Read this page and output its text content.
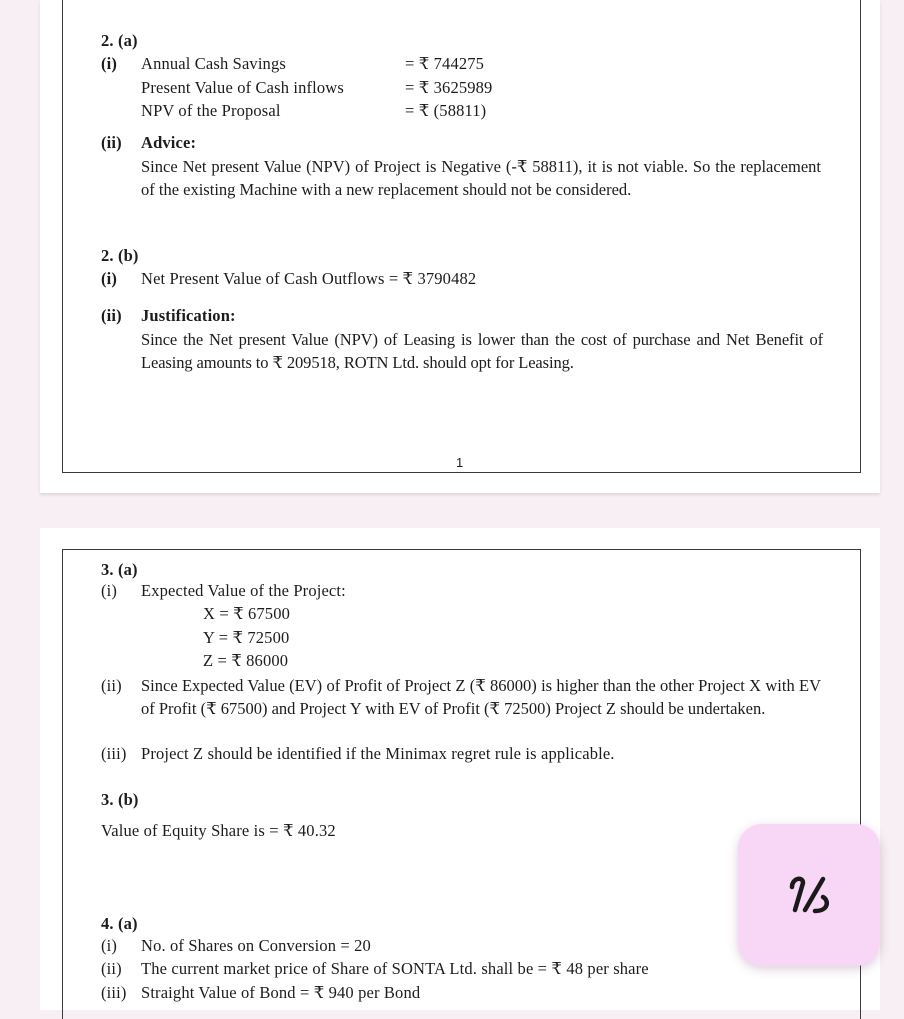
2. (a)
(i) Annual Cash Savings	= ₹ 744275
Present Value of Cash inflows	= ₹ 3625989
NPV of the Proposal	= ₹ (58811)
(ii) Advice:
Since Net present Value (NPV) of Project is Negative (-₹ 58811), it is not viable. So the replacement of the existing Machine with a new replacement should not be considered.
2. (b)
(i) Net Present Value of Cash Outflows = ₹ 3790482
(ii) Justification:
Since the Net present Value (NPV) of Leasing is lower than the cost of purchase and Net Benefit of Leasing amounts to ₹ 209518, ROTN Ltd. should opt for Leasing.
1
3. (a)
(i) Expected Value of the Project:
X = ₹ 67500
Y = ₹ 72500
Z = ₹ 86000
(ii) Since Expected Value (EV) of Profit of Project Z (₹ 86000) is higher than the other Project X with EV of Profit (₹ 67500) and Project Y with EV of Profit (₹ 72500) Project Z should be undertaken.
(iii) Project Z should be identified if the Minimax regret rule is applicable.
3. (b)
Value of Equity Share is = ₹ 40.32
4. (a)
(i) No. of Shares on Conversion = 20
(ii) The current market price of Share of SONTA Ltd. shall be = ₹ 48 per share
(iii) Straight Value of Bond = ₹ 940 per Bond
